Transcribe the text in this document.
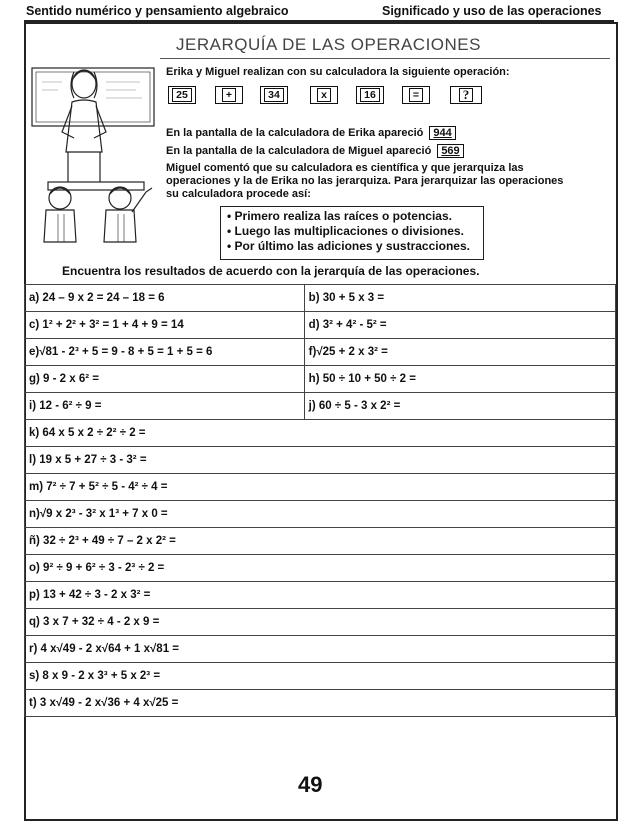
Sentido numérico y pensamiento algebraico	Significado y uso de las operaciones
JERARQUÍA DE LAS OPERACIONES
Erika y Miguel realizan con su calculadora la siguiente operación:
25	+	34	x	16	=	?
En la pantalla de la calculadora de Erika apareció 944
En la pantalla de la calculadora de Miguel apareció 569
Miguel comentó que su calculadora es científica y que jerarquiza las
operaciones y la de Erika no las jerarquiza. Para jerarquizar las operaciones
su calculadora procede así:
• Primero realiza las raíces o potencias.
• Luego las multiplicaciones o divisiones.
• Por último las adiciones y sustracciones.
Encuentra los resultados de acuerdo con la jerarquía de las operaciones.
a) 24 – 9 x 2 = 24 – 18 = 6	b) 30 + 5 x 3 =
c) 1² + 2² + 3² = 1 + 4 + 9 = 14	d) 3² + 4² - 5² =
e)√81 - 2³ + 5 = 9 - 8 + 5 = 1 + 5 = 6	f)√25 + 2 x 3² =
g) 9 - 2 x 6² =	h) 50 ÷ 10 + 50 ÷ 2 =
i) 12 - 6² ÷ 9 =	j) 60 ÷ 5 - 3 x 2² =
k) 64 x 5 x 2 ÷ 2² ÷ 2 =	
l) 19 x 5 + 27 ÷ 3 - 3² =	
m) 7² ÷ 7 + 5² ÷ 5 - 4² ÷ 4 =	
n)√9 x 2³ - 3² x 1³ + 7 x 0 =	
ñ) 32 ÷ 2³ + 49 ÷ 7 – 2 x 2² =	
o) 9² ÷ 9 + 6² ÷ 3 - 2³ ÷ 2 =	
p) 13 + 42 ÷ 3 - 2 x 3² =	
q) 3 x 7 + 32 ÷ 4 - 2 x 9 =	
r) 4 x√49 - 2 x√64 + 1 x√81 =	
s) 8 x 9 - 2 x 3³ + 5 x 2³ =	
t) 3 x√49 - 2 x√36 + 4 x√25 =	
49
